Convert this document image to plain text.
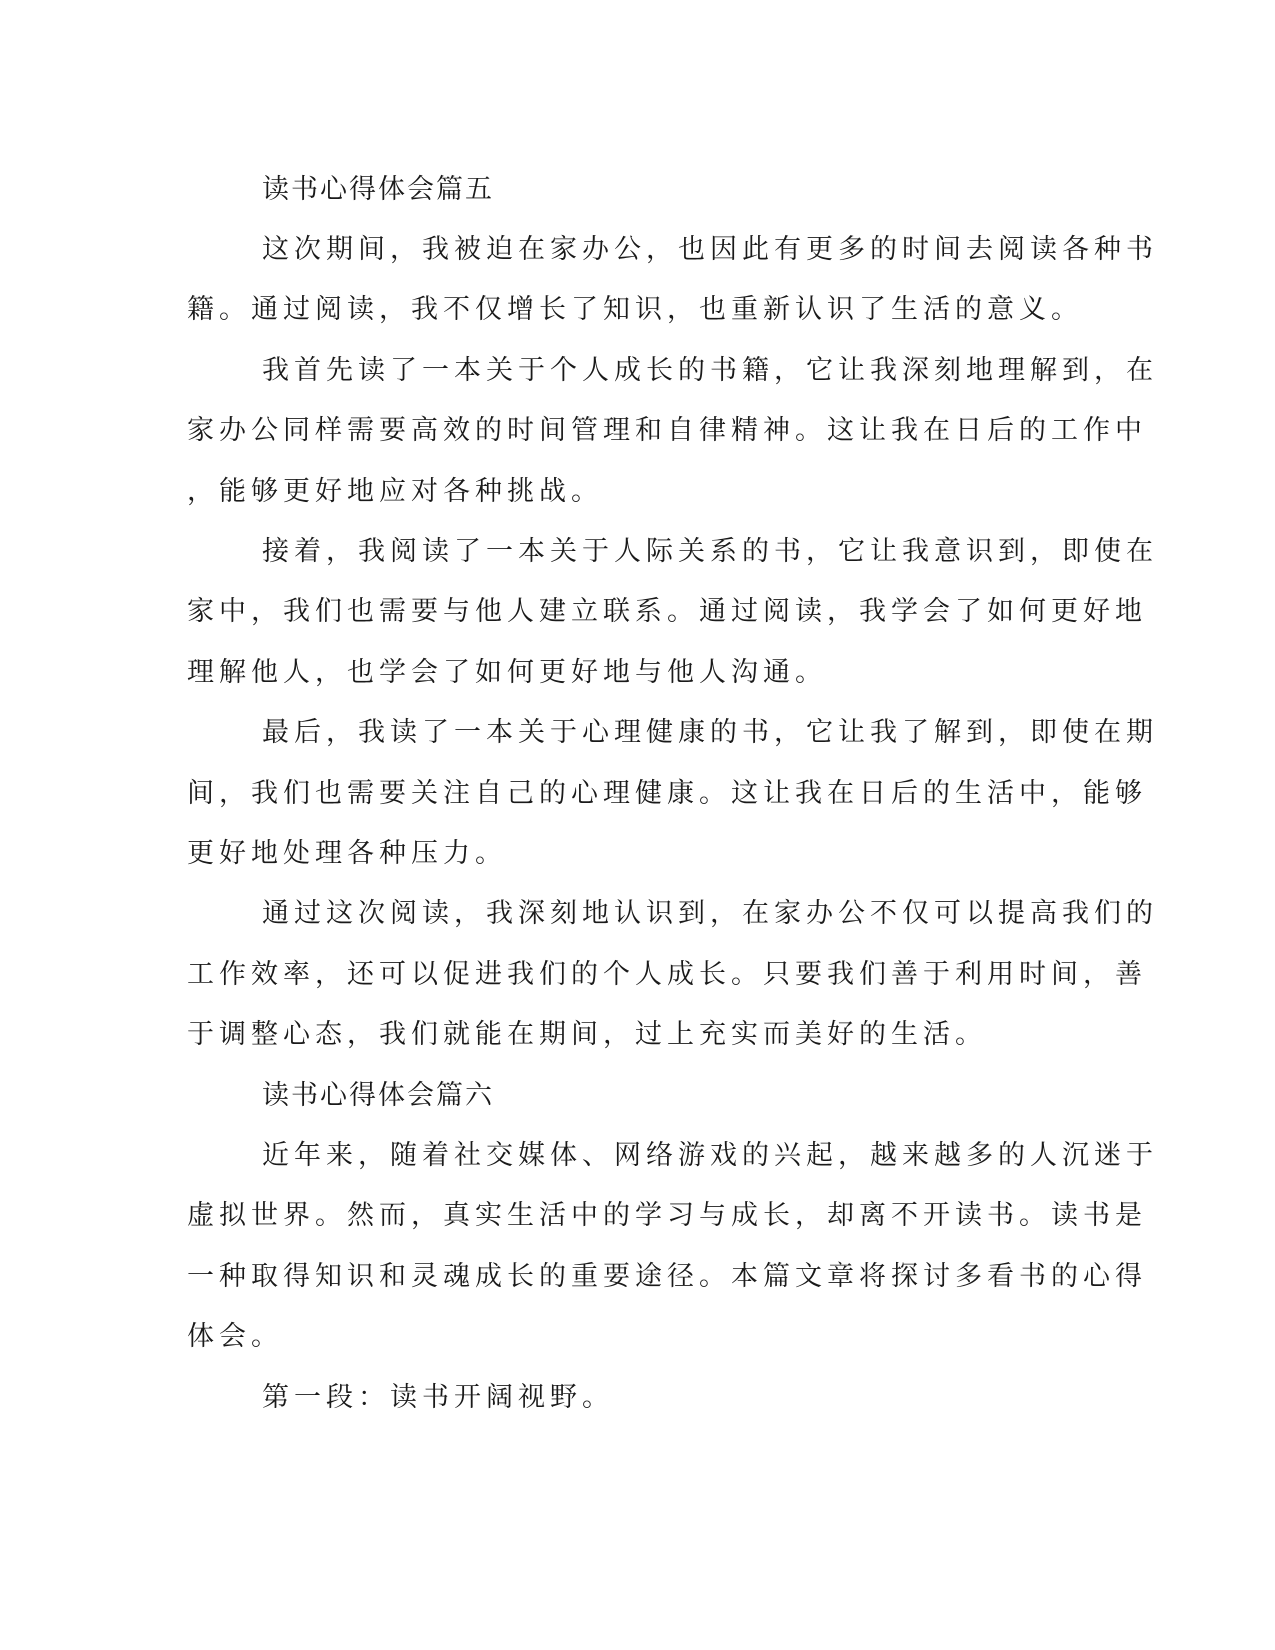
读书心得体会篇五
这次期间，我被迫在家办公，也因此有更多的时间去阅读各种书
籍。通过阅读，我不仅增长了知识，也重新认识了生活的意义。
我首先读了一本关于个人成长的书籍，它让我深刻地理解到，在
家办公同样需要高效的时间管理和自律精神。这让我在日后的工作中
，能够更好地应对各种挑战。
接着，我阅读了一本关于人际关系的书，它让我意识到，即使在
家中，我们也需要与他人建立联系。通过阅读，我学会了如何更好地
理解他人，也学会了如何更好地与他人沟通。
最后，我读了一本关于心理健康的书，它让我了解到，即使在期
间，我们也需要关注自己的心理健康。这让我在日后的生活中，能够
更好地处理各种压力。
通过这次阅读，我深刻地认识到，在家办公不仅可以提高我们的
工作效率，还可以促进我们的个人成长。只要我们善于利用时间，善
于调整心态，我们就能在期间，过上充实而美好的生活。
读书心得体会篇六
近年来，随着社交媒体、网络游戏的兴起，越来越多的人沉迷于
虚拟世界。然而，真实生活中的学习与成长，却离不开读书。读书是
一种取得知识和灵魂成长的重要途径。本篇文章将探讨多看书的心得
体会。
第一段：读书开阔视野。
